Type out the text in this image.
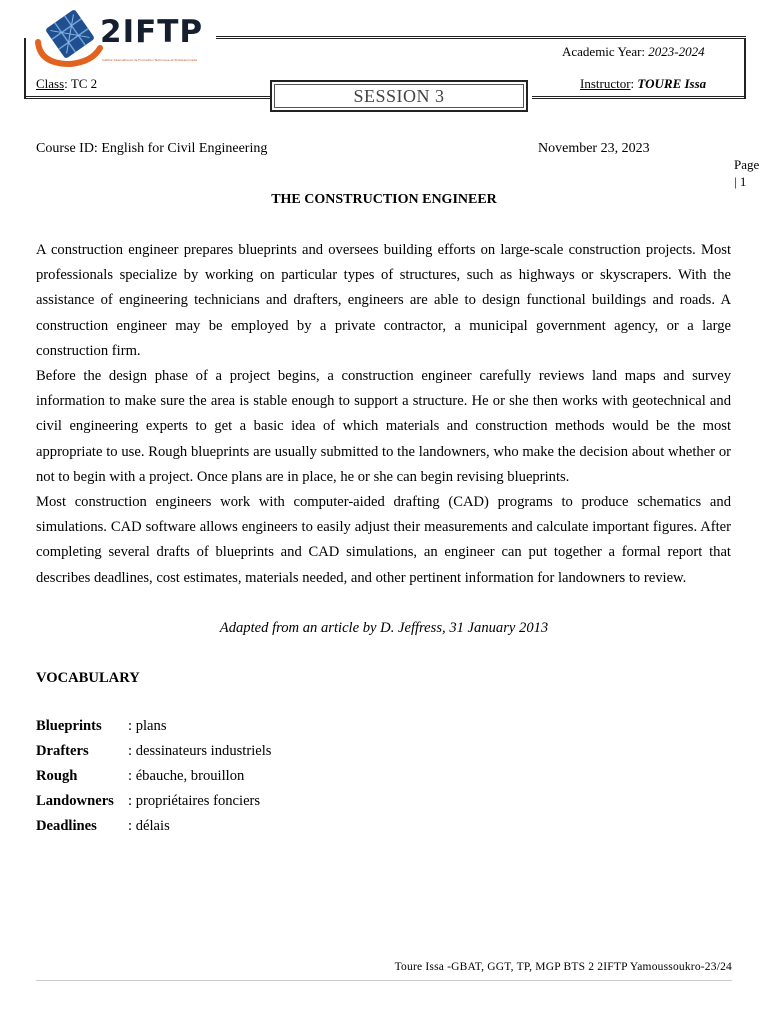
2IFTP
Institut International de Formation Technique et Professionnelle
Academic Year: 2023-2024
Class: TC 2	Instructor: TOURE Issa
SESSION 3
Course ID: English for Civil Engineering	November 23, 2023
Page
| 1
THE CONSTRUCTION ENGINEER

A construction engineer prepares blueprints and oversees building efforts on large-scale construction projects. Most professionals specialize by working on particular types of structures, such as highways or skyscrapers. With the assistance of engineering technicians and drafters, engineers are able to design functional buildings and roads. A construction engineer may be employed by a private contractor, a municipal government agency, or a large construction firm.

Before the design phase of a project begins, a construction engineer carefully reviews land maps and survey information to make sure the area is stable enough to support a structure. He or she then works with geotechnical and civil engineering experts to get a basic idea of which materials and construction methods would be the most appropriate to use. Rough blueprints are usually submitted to the landowners, who make the decision about whether or not to begin with a project. Once plans are in place, he or she can begin revising blueprints.

Most construction engineers work with computer-aided drafting (CAD) programs to produce schematics and simulations. CAD software allows engineers to easily adjust their measurements and calculate important figures. After completing several drafts of blueprints and CAD simulations, an engineer can put together a formal report that describes deadlines, cost estimates, materials needed, and other pertinent information for landowners to review.

Adapted from an article by D. Jeffress, 31 January 2013
VOCABULARY
Blueprints : plans
Drafters	: dessinateurs industriels
Rough	: ébauche, brouillon
Landowners : propriétaires fonciers
Deadlines : délais
Toure Issa -GBAT, GGT, TP, MGP BTS 2 2IFTP Yamoussoukro-23/24
